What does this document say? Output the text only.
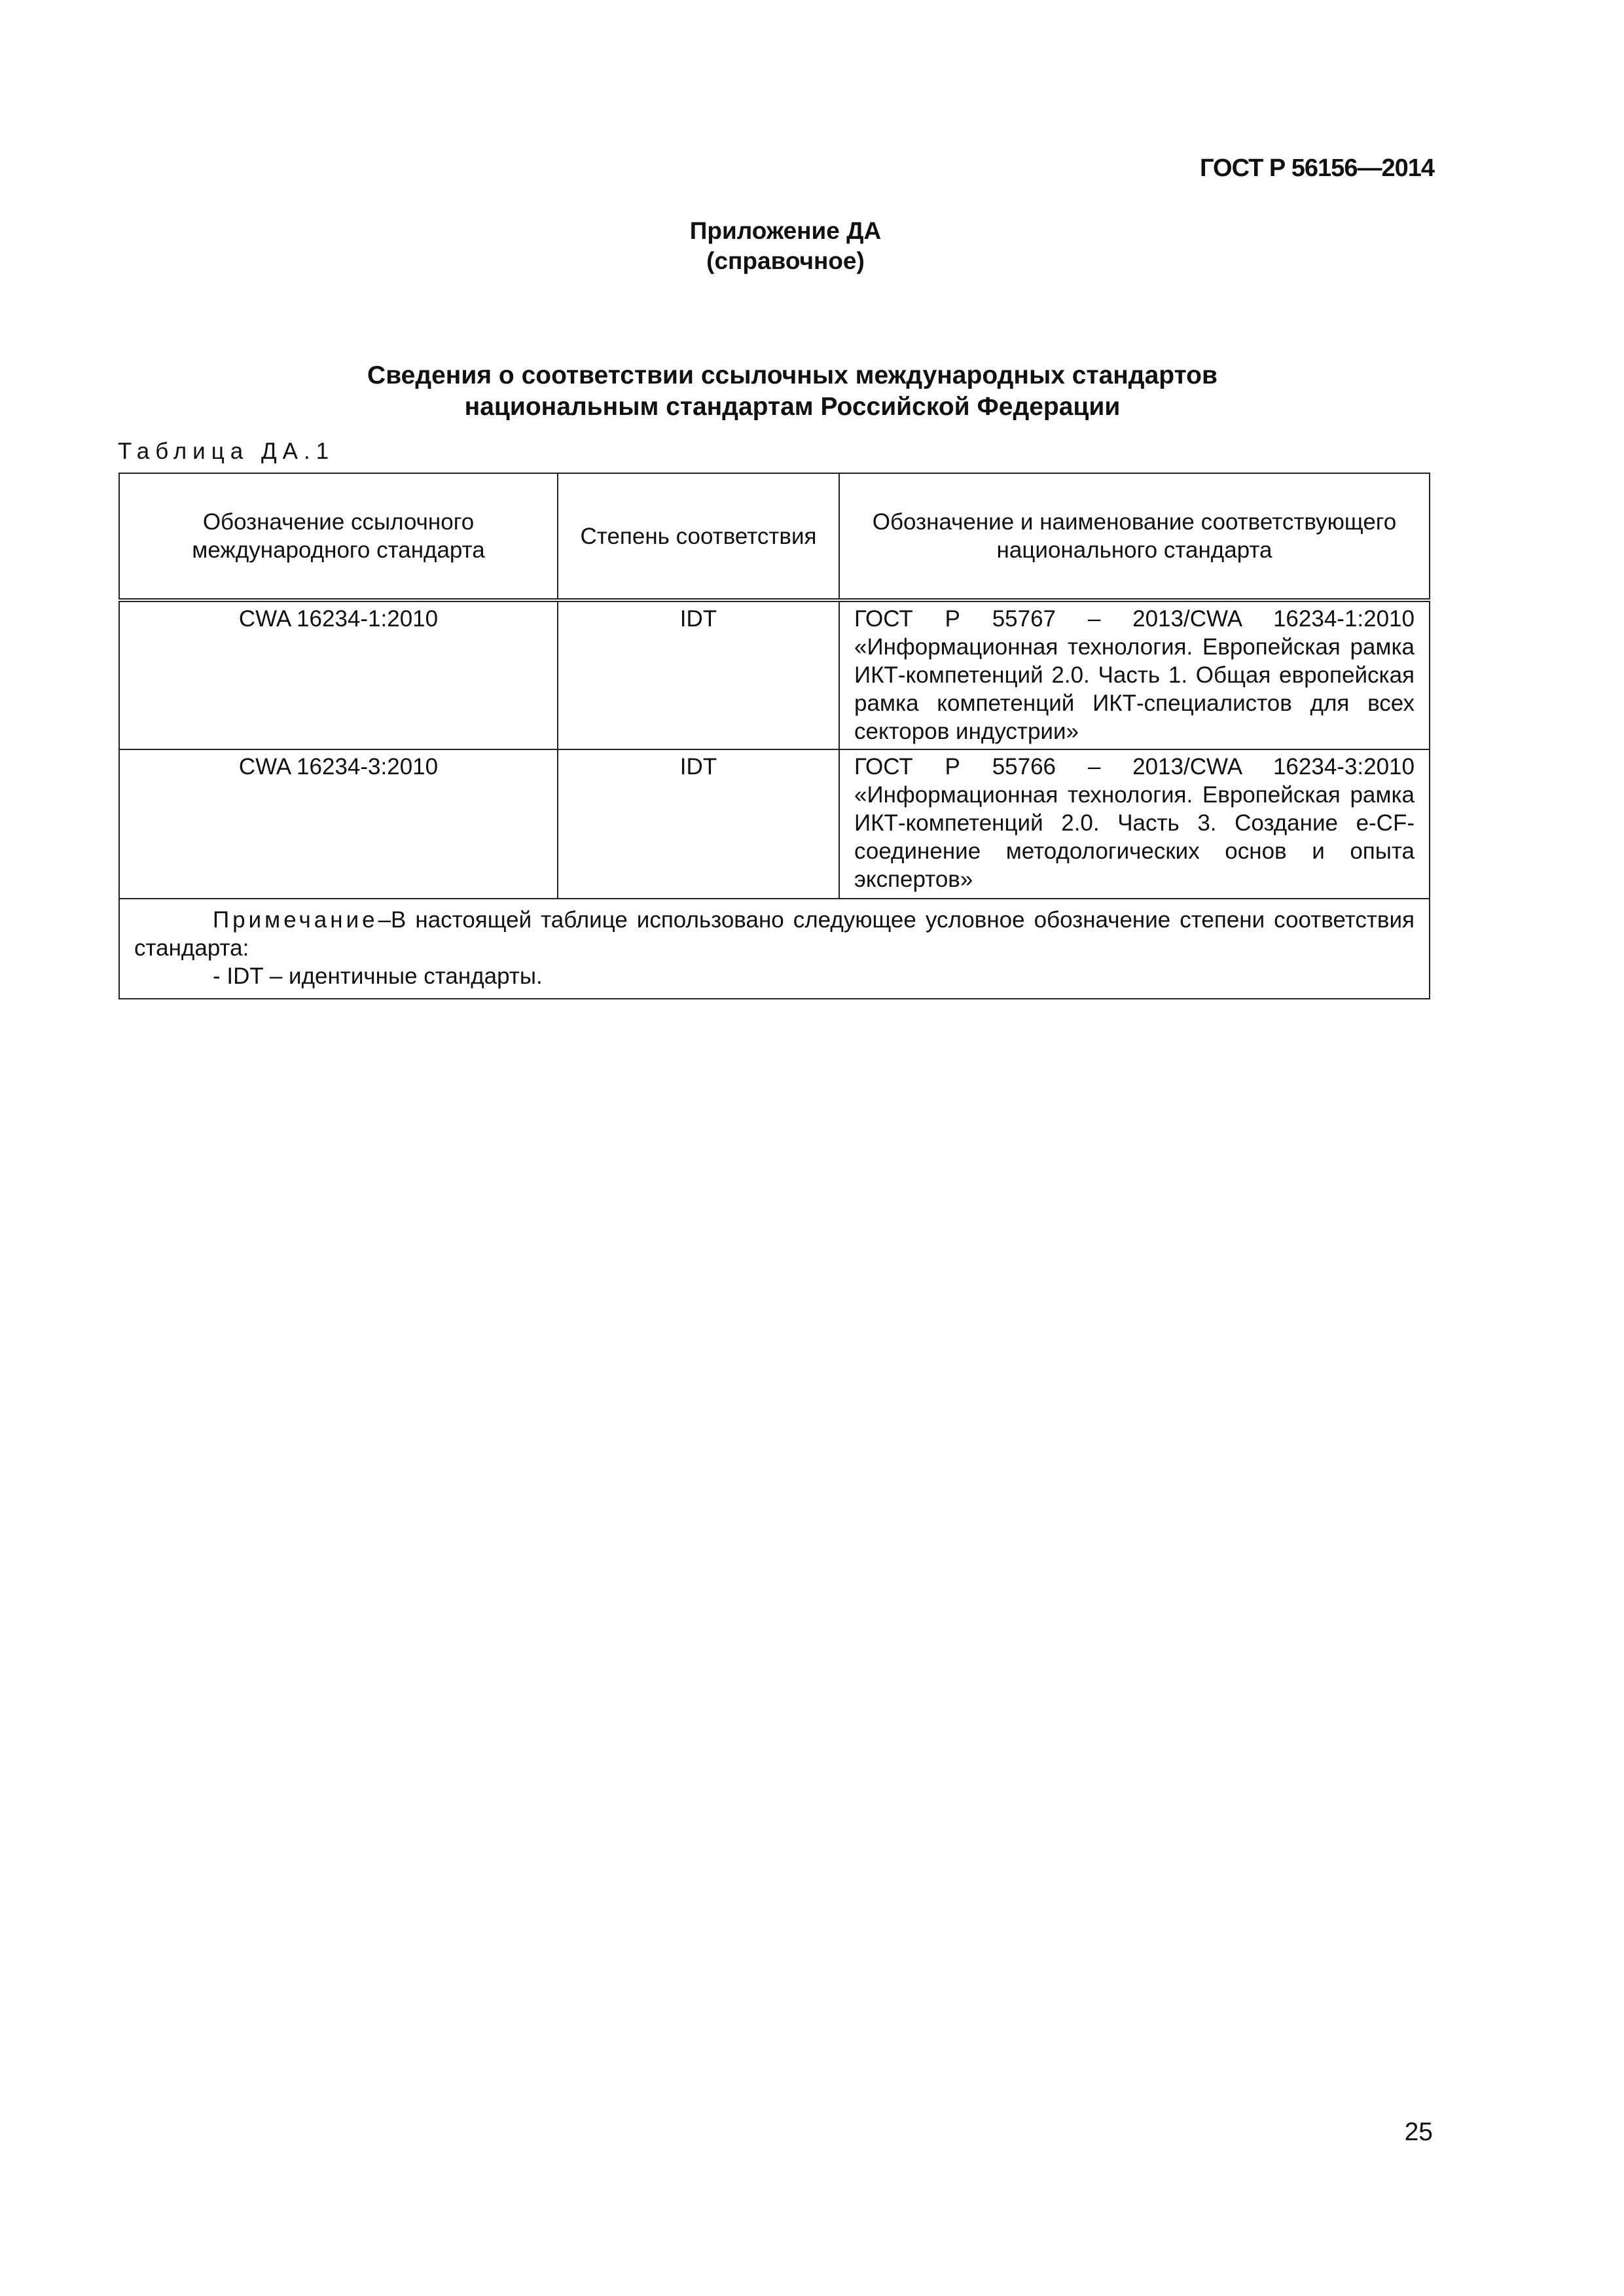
ГОСТ Р 56156—2014
Приложение ДА
(справочное)
Сведения о соответствии ссылочных международных стандартов
национальным стандартам Российской Федерации
Таблица ДА.1
Обозначение ссылочного международного стандарта	Степень соответствия	Обозначение и наименование соответствующего национального стандарта
CWA 16234-1:2010	IDT	ГОСТ Р 55767 – 2013/CWA 16234-1:2010 «Информационная технология. Европейская рамка ИКТ-компетенций 2.0. Часть 1. Общая европейская рамка компетенций ИКТ-специалистов для всех секторов индустрии»
CWA 16234-3:2010	IDT	ГОСТ Р 55766 – 2013/CWA 16234-3:2010 «Информационная технология. Европейская рамка ИКТ-компетенций 2.0. Часть 3. Создание e-CF-соединение методологических основ и опыта экспертов»
Примечание–В настоящей таблице использовано следующее условное обозначение степени соответствия стандарта:
- IDT – идентичные стандарты.		
25
